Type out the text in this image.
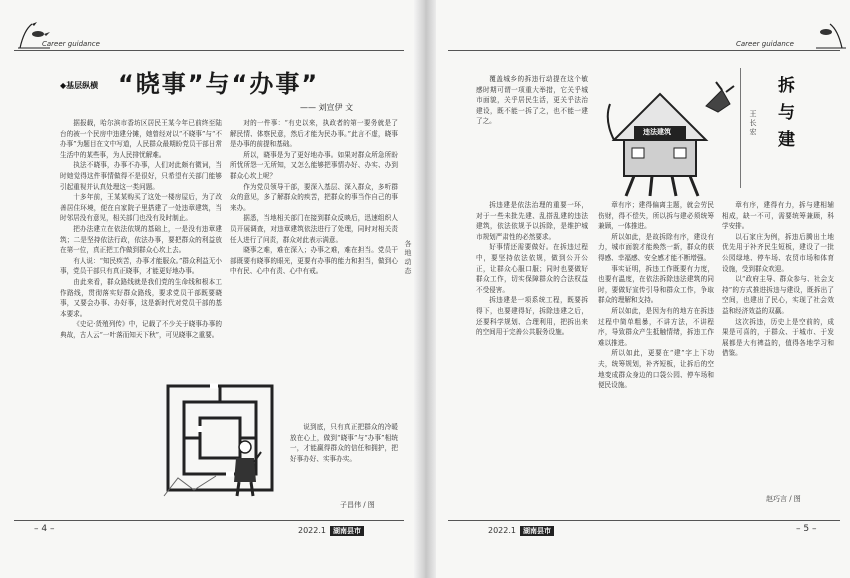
Career guidance
◆基层纵横 “晓事”与“办事”
—— 刘宣伊 文
各地动态

据报载，哈尔滨市香坊区居民王某今年已前终至陆台的被一个民房中违建分摊，她曾经对以“不晓事”与“不办事”为题目在文中写道，人民群众最期盼党员干部日常生活中的某些事，为人民排忧解难。

执法不晓事，办事不办事，人们对此颇有微词，当时她觉得这件事情做得不是很好，只希望有关部门能够引起重视并认真处理这一类问题。

十多年前，王某某购买了这处一楼房屋后，为了改善居住环境，便在自家院子里搭建了一处违章建筑，当时邻居没有意见，相关部门也没有及时制止。

把办法建立在依法依规的基础上，一是没有违章建筑；二是坚持依法行政，依法办事，要把群众的利益放在第一位，真正把工作做到群众心坎上去。

有人说：“知民疾苦，办事才能服众。”群众利益无小事，党员干部只有真正晓事，才能更好地办事。

由此来看，群众路线就是我们党的生命线和根本工作路线，贯彻落实好群众路线，要求党员干部既要晓事，又要会办事、办好事，这是新时代对党员干部的基本要求。

《史记·货殖列传》中，记载了不少关于晓事办事的典故，古人云“一叶落而知天下秋”，可见晓事之重要。

对的一件事：“有史以来，执政者的第一要务就是了解民情、体察民意，然后才能为民办事。”此言不虚，晓事是办事的前提和基础。

所以，晓事是为了更好地办事。如果对群众所急所盼所忧所怨一无所知，又怎么能够把事情办好、办实、办到群众心坎上呢？

作为党员领导干部，要深入基层、深入群众，多听群众的意见，多了解群众的疾苦，把群众的事当作自己的事来办。

据悉，当地相关部门在接到群众反映后，迅速组织人员开展调查，对违章建筑依法进行了处理，同时对相关责任人进行了问责，群众对此表示满意。

晓事之难，难在深入；办事之难，难在担当。党员干部既要有晓事的眼光，更要有办事的能力和担当，做到心中有民、心中有责、心中有戒。

说到底，只有真正把群众的冷暖放在心上，做到“晓事”与“办事”相统一，才能赢得群众的信任和拥护，把好事办好、实事办实。

子昌伟 / 图
– 4 –	2022.1	湖南县市
Career guidance
违法建筑	拆与建
王长宏

覆盖城乡的拆违行动提在这个敏感时期可谓一项重大举措，它关乎城市面貌，关乎居民生活，更关乎法治建设，既不能一拆了之，也不能一建了之。

拆违建是依法治理的重要一环，对于一些未批先建、乱搭乱建的违法建筑，依法依规予以拆除，是维护城市规划严肃性的必然要求。

好事情还需要做好。在拆违过程中，要坚持依法依规，做到公开公正，让群众心服口服；同时也要做好群众工作，切实保障群众的合法权益不受侵害。

拆违建是一项系统工程，既要拆得下，也要建得好，拆除违建之后，还要科学规划、合理利用，把拆出来的空间用于完善公共服务设施。

章有序；建得偏离主题，就会劳民伤财，得不偿失，所以拆与建必须统筹兼顾，一体推进。

所以如此，是故拆除有序，建设有力，城市面貌才能焕然一新，群众的获得感、幸福感、安全感才能不断增强。

事实证明，拆违工作既要有力度，也要有温度，在依法拆除违法建筑的同时，要做好宣传引导和群众工作，争取群众的理解和支持。

所以如此，是因为有的地方在拆违过程中简单粗暴，不讲方法，不讲程序，导致群众产生抵触情绪，拆违工作难以推进。

所以如此，更要在“建”字上下功夫，统筹规划，补齐短板，让拆后的空地变成群众身边的口袋公园、停车场和便民设施。

章有序，建得有力，拆与建相辅相成，缺一不可，需要统筹兼顾，科学安排。

以石家庄为例，拆违后腾出土地优先用于补齐民生短板，建设了一批公园绿地、停车场、农贸市场和体育设施，受到群众欢迎。

以“政府主导、群众参与、社会支持”的方式推进拆违与建设，既拆出了空间，也建出了民心，实现了社会效益和经济效益的双赢。

这次拆违，历史上是空前的，成果是可喜的，于群众、于城市、于发展都是大有裨益的，值得各地学习和借鉴。

赵巧言 / 图
2022.1	湖南县市	– 5 –
